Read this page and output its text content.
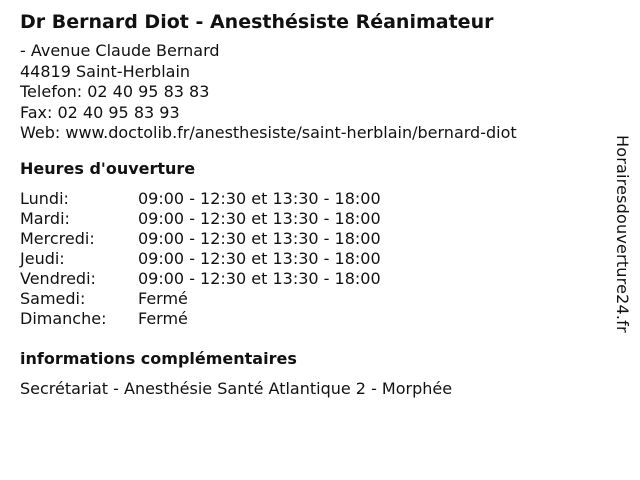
Dr Bernard Diot - Anesthésiste Réanimateur
- Avenue Claude Bernard
44819 Saint-Herblain
Telefon: 02 40 95 83 83
Fax: 02 40 95 83 93
Web: www.doctolib.fr/anesthesiste/saint-herblain/bernard-diot
Heures d'ouverture
Lundi:	09:00 - 12:30 et 13:30 - 18:00
Mardi:	09:00 - 12:30 et 13:30 - 18:00
Mercredi:	09:00 - 12:30 et 13:30 - 18:00
Jeudi:	09:00 - 12:30 et 13:30 - 18:00
Vendredi:	09:00 - 12:30 et 13:30 - 18:00
Samedi:	Fermé
Dimanche:	Fermé
informations complémentaires
Secrétariat - Anesthésie Santé Atlantique 2 - Morphée
Horairesdouverture24.fr
